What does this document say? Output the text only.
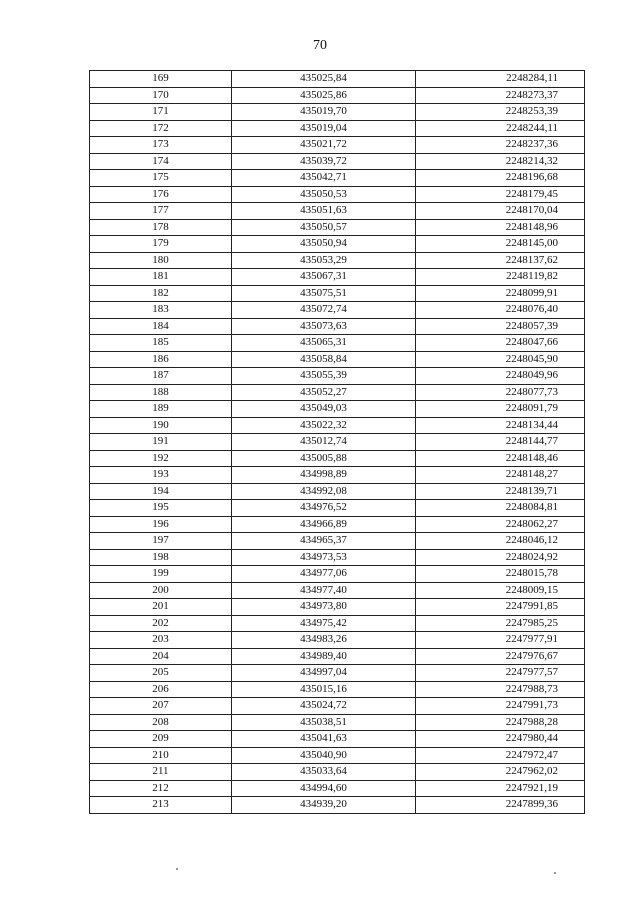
70
169	435025,84	2248284,11
170	435025,86	2248273,37
171	435019,70	2248253,39
172	435019,04	2248244,11
173	435021,72	2248237,36
174	435039,72	2248214,32
175	435042,71	2248196,68
176	435050,53	2248179,45
177	435051,63	2248170,04
178	435050,57	2248148,96
179	435050,94	2248145,00
180	435053,29	2248137,62
181	435067,31	2248119,82
182	435075,51	2248099,91
183	435072,74	2248076,40
184	435073,63	2248057,39
185	435065,31	2248047,66
186	435058,84	2248045,90
187	435055,39	2248049,96
188	435052,27	2248077,73
189	435049,03	2248091,79
190	435022,32	2248134,44
191	435012,74	2248144,77
192	435005,88	2248148,46
193	434998,89	2248148,27
194	434992,08	2248139,71
195	434976,52	2248084,81
196	434966,89	2248062,27
197	434965,37	2248046,12
198	434973,53	2248024,92
199	434977,06	2248015,78
200	434977,40	2248009,15
201	434973,80	2247991,85
202	434975,42	2247985,25
203	434983,26	2247977,91
204	434989,40	2247976,67
205	434997,04	2247977,57
206	435015,16	2247988,73
207	435024,72	2247991,73
208	435038,51	2247988,28
209	435041,63	2247980,44
210	435040,90	2247972,47
211	435033,64	2247962,02
212	434994,60	2247921,19
213	434939,20	2247899,36
